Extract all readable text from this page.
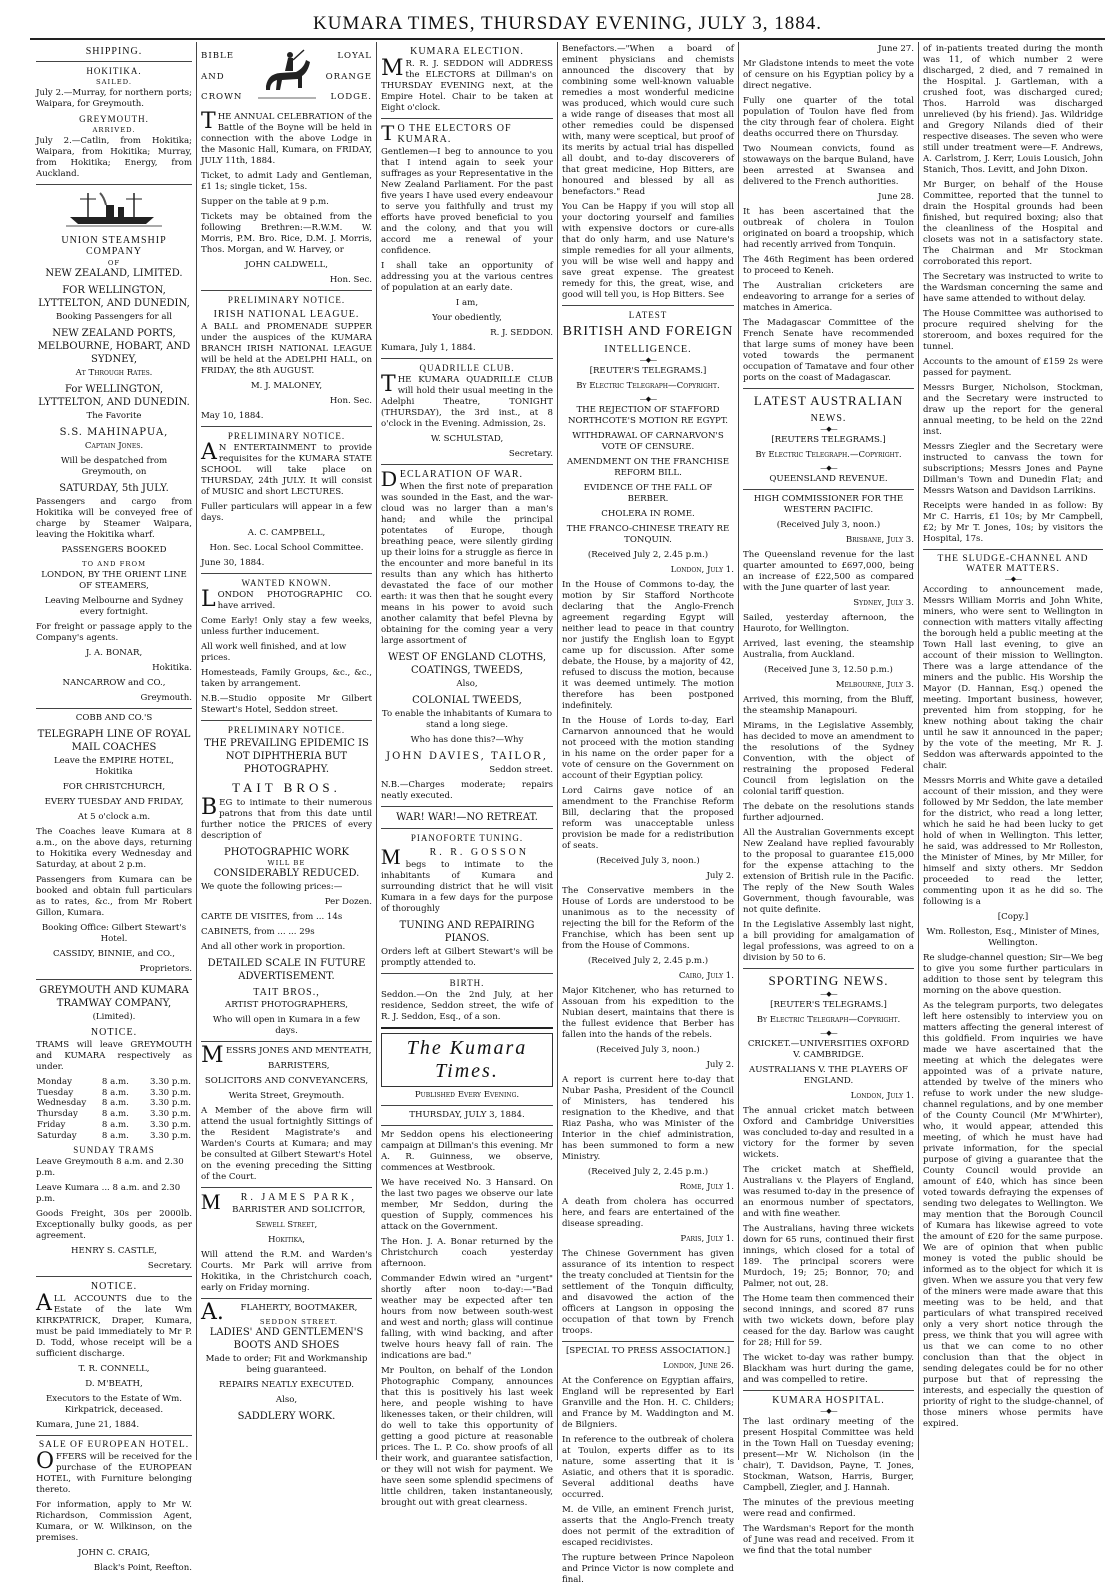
KUMARA TIMES, THURSDAY EVENING, JULY 3, 1884.
SHIPPING.
HOKITIKA.
SAILED.
July 2.—Murray, for northern ports; Waipara, for Greymouth.
GREYMOUTH.
ARRIVED.
July 2.—Catlin, from Hokitika; Waipara, from Hokitika; Murray, from Hokitika; Energy, from Auckland.
UNION STEAMSHIP COMPANY
OF
NEW ZEALAND, LIMITED.
FOR WELLINGTON, LYTTELTON, AND DUNEDIN,
Booking Passengers for all
NEW ZEALAND PORTS, MELBOURNE, HOBART, AND SYDNEY,
At Through Rates.
For WELLINGTON, LYTTELTON, AND DUNEDIN.
The Favorite
S.S. MAHINAPUA,
Captain Jones.
Will be despatched from Greymouth, on
SATURDAY, 5th JULY.
Passengers and cargo from Hokitika will be conveyed free of charge by Steamer Waipara, leaving the Hokitika wharf.
PASSENGERS BOOKED
TO AND FROM
LONDON, BY THE ORIENT LINE OF STEAMERS,
Leaving Melbourne and Sydney every fortnight.
For freight or passage apply to the Company's agents.
J. A. BONAR,
Hokitika.
NANCARROW and CO.,
Greymouth.
COBB AND CO.'S
TELEGRAPH LINE OF ROYAL MAIL COACHES
Leave the EMPIRE HOTEL, Hokitika
FOR CHRISTCHURCH,
EVERY TUESDAY AND FRIDAY,
At 5 o'clock a.m.
The Coaches leave Kumara at 8 a.m., on the above days, returning to Hokitika every Wednesday and Saturday, at about 2 p.m.
Passengers from Kumara can be booked and obtain full particulars as to rates, &c., from Mr Robert Gillon, Kumara.
Booking Office: Gilbert Stewart's Hotel.
CASSIDY, BINNIE, and CO.,
Proprietors.
GREYMOUTH AND KUMARA TRAMWAY COMPANY,
(Limited).
NOTICE.
TRAMS will leave GREYMOUTH and KUMARA respectively as under.
Monday	8 a.m.	3.30 p.m.
Tuesday	8 a.m.	3.30 p.m.
Wednesday	8 a.m.	3.30 p.m.
Thursday	8 a.m.	3.30 p.m.
Friday	8 a.m.	3.30 p.m.
Saturday	8 a.m.	3.30 p.m.
SUNDAY TRAMS
Leave Greymouth 8 a.m. and 2.30 p.m.
Leave Kumara ... 8 a.m. and 2.30 p.m.
Goods Freight, 30s per 2000lb. Exceptionally bulky goods, as per agreement.
HENRY S. CASTLE,
Secretary.
NOTICE.
ALL ACCOUNTS due to the Estate of the late Wm KIRKPATRICK, Draper, Kumara, must be paid immediately to Mr P. D. Todd, whose receipt will be a sufficient discharge.
T. R. CONNELL,
D. M'BEATH,
Executors to the Estate of Wm. Kirkpatrick, deceased.
Kumara, June 21, 1884.
SALE OF EUROPEAN HOTEL.
OFFERS will be received for the purchase of the EUROPEAN HOTEL, with Furniture belonging thereto.
For information, apply to Mr W. Richardson, Commission Agent, Kumara, or W. Wilkinson, on the premises.
JOHN C. CRAIG,
Black's Point, Reefton.
BIBLE
AND
CROWN
LOYAL
ORANGE
LODGE.
THE ANNUAL CELEBRATION of the Battle of the Boyne will be held in connection with the above Lodge in the Masonic Hall, Kumara, on FRIDAY, JULY 11th, 1884.
Ticket, to admit Lady and Gentleman, £1 1s; single ticket, 15s.
Supper on the table at 9 p.m.
Tickets may be obtained from the following Brethren:—R.W.M. W. Morris, P.M. Bro. Rice, D.M. J. Morris, Thos. Morgan, and W. Harvey, or
JOHN CALDWELL,
Hon. Sec.
PRELIMINARY NOTICE.
IRISH NATIONAL LEAGUE.
A BALL and PROMENADE SUPPER under the auspices of the KUMARA BRANCH IRISH NATIONAL LEAGUE will be held at the ADELPHI HALL, on FRIDAY, the 8th AUGUST.
M. J. MALONEY,
Hon. Sec.
May 10, 1884.
PRELIMINARY NOTICE.
AN ENTERTAINMENT to provide requisites for the KUMARA STATE SCHOOL will take place on THURSDAY, 24th JULY. It will consist of MUSIC and short LECTURES.
Fuller particulars will appear in a few days.
A. C. CAMPBELL,
Hon. Sec. Local School Committee.
June 30, 1884.
WANTED KNOWN.
LONDON PHOTOGRAPHIC CO. have arrived.
Come Early! Only stay a few weeks, unless further inducement.
All work well finished, and at low prices.
Homesteads, Family Groups, &c., &c., taken by arrangement.
N.B.—Studio opposite Mr Gilbert Stewart's Hotel, Seddon street.
PRELIMINARY NOTICE.
THE PREVAILING EPIDEMIC IS NOT DIPHTHERIA BUT PHOTOGRAPHY.
TAIT BROS.
BEG to intimate to their numerous patrons that from this date until further notice the PRICES of every description of
PHOTOGRAPHIC WORK
WILL BE
CONSIDERABLY REDUCED.
We quote the following prices:—
Per Dozen.
CARTE DE VISITES, from ... 14s
CABINETS, from ... ... 29s
And all other work in proportion.
DETAILED SCALE IN FUTURE ADVERTISEMENT.
TAIT BROS.,
ARTIST PHOTOGRAPHERS,
Who will open in Kumara in a few days.
MESSRS JONES AND MENTEATH,
BARRISTERS,
SOLICITORS AND CONVEYANCERS,
Werita Street, Greymouth.
A Member of the above firm will attend the usual fortnightly Sittings of the Resident Magistrate's and Warden's Courts at Kumara; and may be consulted at Gilbert Stewart's Hotel on the evening preceding the Sitting of the Court.
MR. JAMES PARK,
BARRISTER AND SOLICITOR,
Sewell Street,
Hokitika,
Will attend the R.M. and Warden's Courts. Mr Park will arrive from Hokitika, in the Christchurch coach, early on Friday morning.
A.FLAHERTY, BOOTMAKER,
SEDDON STREET.
LADIES' AND GENTLEMEN'S BOOTS AND SHOES
Made to order; Fit and Workmanship being guaranteed.
REPAIRS NEATLY EXECUTED.
Also,
SADDLERY WORK.
KUMARA ELECTION.
MR. R. J. SEDDON will ADDRESS the ELECTORS at Dillman's on THURSDAY EVENING next, at the Empire Hotel. Chair to be taken at Eight o'clock.
TO THE ELECTORS OF KUMARA.
Gentlemen—I beg to announce to you that I intend again to seek your suffrages as your Representative in the New Zealand Parliament. For the past five years I have used every endeavour to serve you faithfully and trust my efforts have proved beneficial to you and the colony, and that you will accord me a renewal of your confidence.
I shall take an opportunity of addressing you at the various centres of population at an early date.
I am,
Your obediently,
R. J. SEDDON.
Kumara, July 1, 1884.
QUADRILLE CLUB.
THE KUMARA QUADRILLE CLUB will hold their usual meeting in the Adelphi Theatre, TONIGHT (THURSDAY), the 3rd inst., at 8 o'clock in the Evening. Admission, 2s.
W. SCHULSTAD,
Secretary.
DECLARATION OF WAR.
When the first note of preparation was sounded in the East, and the war-cloud was no larger than a man's hand; and while the principal potentates of Europe, though breathing peace, were silently girding up their loins for a struggle as fierce in the encounter and more baneful in its results than any which has hitherto devastated the face of our mother earth: it was then that he sought every means in his power to avoid such another calamity that befel Plevna by obtaining for the coming year a very large assortment of
WEST OF ENGLAND CLOTHS, COATINGS, TWEEDS,
Also,
COLONIAL TWEEDS,
To enable the inhabitants of Kumara to stand a long siege.
Who has done this?—Why
JOHN DAVIES, TAILOR,
Seddon street.
N.B.—Charges moderate; repairs neatly executed.
WAR! WAR!—NO RETREAT.
PIANOFORTE TUNING.
MR. R. GOSSON
begs to intimate to the inhabitants of Kumara and surrounding district that he will visit Kumara in a few days for the purpose of thoroughly
TUNING AND REPAIRING PIANOS.
Orders left at Gilbert Stewart's will be promptly attended to.
BIRTH.
Seddon.—On the 2nd July, at her residence, Seddon street, the wife of R. J. Seddon, Esq., of a son.
The Kumara Times.
Published Every Evening.
THURSDAY, JULY 3, 1884.
Mr Seddon opens his electioneering campaign at Dillman's this evening. Mr A. R. Guinness, we observe, commences at Westbrook.
We have received No. 3 Hansard. On the last two pages we observe our late member, Mr Seddon, during the question of Supply, commences his attack on the Government.
The Hon. J. A. Bonar returned by the Christchurch coach yesterday afternoon.
Commander Edwin wired an "urgent" shortly after noon to-day:—"Bad weather may be expected after ten hours from now between south-west and west and north; glass will continue falling, with wind backing, and after twelve hours heavy fall of rain. The indications are bad."
Mr Poulton, on behalf of the London Photographic Company, announces that this is positively his last week here, and people wishing to have likenesses taken, or their children, will do well to take this opportunity of getting a good picture at reasonable prices. The L. P. Co. show proofs of all their work, and guarantee satisfaction, or they will not wish for payment. We have seen some splendid specimens of little children, taken instantaneously, brought out with great clearness.
Benefactors.—"When a board of eminent physicians and chemists announced the discovery that by combining some well-known valuable remedies a most wonderful medicine was produced, which would cure such a wide range of diseases that most all other remedies could be dispensed with, many were sceptical, but proof of its merits by actual trial has dispelled all doubt, and to-day discoverers of that great medicine, Hop Bitters, are honoured and blessed by all as benefactors." Read
You Can be Happy if you will stop all your doctoring yourself and families with expensive doctors or cure-alls that do only harm, and use Nature's simple remedies for all your ailments, you will be wise well and happy and save great expense. The greatest remedy for this, the great, wise, and good will tell you, is Hop Bitters. See
LATEST
BRITISH AND FOREIGN
INTELLIGENCE.
—◆—
[REUTER'S TELEGRAMS.]
By Electric Telegraph—Copyright.
—◆—
THE REJECTION OF STAFFORD NORTHCOTE'S MOTION RE EGYPT.
WITHDRAWAL OF CARNARVON'S VOTE OF CENSURE.
AMENDMENT ON THE FRANCHISE REFORM BILL.
EVIDENCE OF THE FALL OF BERBER.
CHOLERA IN ROME.
THE FRANCO-CHINESE TREATY RE TONQUIN.
(Received July 2, 2.45 p.m.)
London, July 1.
In the House of Commons to-day, the motion by Sir Stafford Northcote declaring that the Anglo-French agreement regarding Egypt will neither lead to peace in that country nor justify the English loan to Egypt came up for discussion. After some debate, the House, by a majority of 42, refused to discuss the motion, because it was deemed untimely. The motion therefore has been postponed indefinitely.
In the House of Lords to-day, Earl Carnarvon announced that he would not proceed with the motion standing in his name on the order paper for a vote of censure on the Government on account of their Egyptian policy.
Lord Cairns gave notice of an amendment to the Franchise Reform Bill, declaring that the proposed reform was unacceptable unless provision be made for a redistribution of seats.
(Received July 3, noon.)
July 2.
The Conservative members in the House of Lords are understood to be unanimous as to the necessity of rejecting the bill for the Reform of the Franchise, which has been sent up from the House of Commons.
(Received July 2, 2.45 p.m.)
Cairo, July 1.
Major Kitchener, who has returned to Assouan from his expedition to the Nubian desert, maintains that there is the fullest evidence that Berber has fallen into the hands of the rebels.
(Received July 3, noon.)
July 2.
A report is current here to-day that Nubar Pasha, President of the Council of Ministers, has tendered his resignation to the Khedive, and that Riaz Pasha, who was Minister of the Interior in the chief administration, has been summoned to form a new Ministry.
(Received July 2, 2.45 p.m.)
Rome, July 1.
A death from cholera has occurred here, and fears are entertained of the disease spreading.
Paris, July 1.
The Chinese Government has given assurance of its intention to respect the treaty concluded at Tientsin for the settlement of the Tonquin difficulty, and disavowed the action of the officers at Langson in opposing the occupation of that town by French troops.
[SPECIAL TO PRESS ASSOCIATION.]
London, June 26.
At the Conference on Egyptian affairs, England will be represented by Earl Granville and the Hon. H. C. Childers; and France by M. Waddington and M. de Bilgniers.
In reference to the outbreak of cholera at Toulon, experts differ as to its nature, some asserting that it is Asiatic, and others that it is sporadic. Several additional deaths have occurred.
M. de Ville, an eminent French jurist, asserts that the Anglo-French treaty does not permit of the extradition of escaped recidivistes.
The rupture between Prince Napoleon and Prince Victor is now complete and final.
June 27.
Mr Gladstone intends to meet the vote of censure on his Egyptian policy by a direct negative.
Fully one quarter of the total population of Toulon have fled from the city through fear of cholera. Eight deaths occurred there on Thursday.
Two Noumean convicts, found as stowaways on the barque Buland, have been arrested at Swansea and delivered to the French authorities.
June 28.
It has been ascertained that the outbreak of cholera in Toulon originated on board a troopship, which had recently arrived from Tonquin.
The 46th Regiment has been ordered to proceed to Keneh.
The Australian cricketers are endeavoring to arrange for a series of matches in America.
The Madagascar Committee of the French Senate have recommended that large sums of money have been voted towards the permanent occupation of Tamatave and four other ports on the coast of Madagascar.
LATEST AUSTRALIAN
NEWS.
—◆—
[REUTERS TELEGRAMS.]
By Electric Telegraph.—Copyright.
—◆—
QUEENSLAND REVENUE.
HIGH COMMISSIONER FOR THE WESTERN PACIFIC.
(Received July 3, noon.)
Brisbane, July 3.
The Queensland revenue for the last quarter amounted to £697,000, being an increase of £22,500 as compared with the June quarter of last year.
Sydney, July 3.
Sailed, yesterday afternoon, the Hauroto, for Wellington.
Arrived, last evening, the steamship Australia, from Auckland.
(Received June 3, 12.50 p.m.)
Melbourne, July 3.
Arrived, this morning, from the Bluff, the steamship Manapouri.
Mirams, in the Legislative Assembly, has decided to move an amendment to the resolutions of the Sydney Convention, with the object of restraining the proposed Federal Council from legislation on the colonial tariff question.
The debate on the resolutions stands further adjourned.
All the Australian Governments except New Zealand have replied favourably to the proposal to guarantee £15,000 for the expense attaching to the extension of British rule in the Pacific. The reply of the New South Wales Government, though favourable, was not quite definite.
In the Legislative Assembly last night, a bill providing for amalgamation of legal professions, was agreed to on a division by 50 to 6.
SPORTING NEWS.
—◆—
[REUTER'S TELEGRAMS.]
By Electric Telegraph—Copyright.
—◆—
CRICKET.—UNIVERSITIES OXFORD V. CAMBRIDGE.
AUSTRALIANS V. THE PLAYERS OF ENGLAND.
London, July 1.
The annual cricket match between Oxford and Cambridge Universities was concluded to-day and resulted in a victory for the former by seven wickets.
The cricket match at Sheffield, Australians v. the Players of England, was resumed to-day in the presence of an enormous number of spectators, and with fine weather.
The Australians, having three wickets down for 65 runs, continued their first innings, which closed for a total of 189. The principal scorers were Murdoch, 19; 25; Bonnor, 70; and Palmer, not out, 28.
The Home team then commenced their second innings, and scored 87 runs with two wickets down, before play ceased for the day. Barlow was caught for 28; Hill for 59.
The wicket to-day was rather bumpy. Blackham was hurt during the game, and was compelled to retire.
KUMARA HOSPITAL.
—◆—
The last ordinary meeting of the present Hospital Committee was held in the Town Hall on Tuesday evening; present—Mr W. Nicholson (in the chair), T. Davidson, Payne, T. Jones, Stockman, Watson, Harris, Burger, Campbell, Ziegler, and J. Hannah.
The minutes of the previous meeting were read and confirmed.
The Wardsman's Report for the month of June was read and received. From it we find that the total number
of in-patients treated during the month was 11, of which number 2 were discharged, 2 died, and 7 remained in the Hospital. J. Gartleman, with a crushed foot, was discharged cured; Thos. Harrold was discharged unrelieved (by his friend). Jas. Wildridge and Gregory Nilands died of their respective diseases. The seven who were still under treatment were—F. Andrews, A. Carlstrom, J. Kerr, Louis Lousich, John Stanich, Thos. Levitt, and John Dixon.
Mr Burger, on behalf of the House Committee, reported that the tunnel to drain the Hospital grounds had been finished, but required boxing; also that the cleanliness of the Hospital and closets was not in a satisfactory state. The Chairman and Mr Stockman corroborated this report.
The Secretary was instructed to write to the Wardsman concerning the same and have same attended to without delay.
The House Committee was authorised to procure required shelving for the storeroom, and boxes required for the tunnel.
Accounts to the amount of £159 2s were passed for payment.
Messrs Burger, Nicholson, Stockman, and the Secretary were instructed to draw up the report for the general annual meeting, to be held on the 22nd inst.
Messrs Ziegler and the Secretary were instructed to canvass the town for subscriptions; Messrs Jones and Payne Dillman's Town and Dunedin Flat; and Messrs Watson and Davidson Larrikins.
Receipts were handed in as follow: By Mr C. Harris, £1 10s; by Mr Campbell, £2; by Mr T. Jones, 10s; by visitors the Hospital, 17s.
THE SLUDGE-CHANNEL AND WATER MATTERS.
—◆—
According to announcement made, Messrs William Morris and John White, miners, who were sent to Wellington in connection with matters vitally affecting the borough held a public meeting at the Town Hall last evening, to give an account of their mission to Wellington. There was a large attendance of the miners and the public. His Worship the Mayor (D. Hannan, Esq.) opened the meeting. Important business, however, prevented him from stopping, for he knew nothing about taking the chair until he saw it announced in the paper; by the vote of the meeting, Mr R. J. Seddon was afterwards appointed to the chair.
Messrs Morris and White gave a detailed account of their mission, and they were followed by Mr Seddon, the late member for the district, who read a long letter, which he said he had been lucky to get hold of when in Wellington. This letter, he said, was addressed to Mr Rolleston, the Minister of Mines, by Mr Miller, for himself and sixty others. Mr Seddon proceeded to read the letter, commenting upon it as he did so. The following is a
[Copy.]
Wm. Rolleston, Esq., Minister of Mines, Wellington.
Re sludge-channel question; Sir—We beg to give you some further particulars in addition to those sent by telegram this morning on the above question.
As the telegram purports, two delegates left here ostensibly to interview you on matters affecting the general interest of this goldfield. From inquiries we have made we have ascertained that the meeting at which the delegates were appointed was of a private nature, attended by twelve of the miners who refuse to work under the new sludge-channel regulations, and by one member of the County Council (Mr M'Whirter), who, it would appear, attended this meeting, of which he must have had private information, for the special purpose of giving a guarantee that the County Council would provide an amount of £40, which has since been voted towards defraying the expenses of sending two delegates to Wellington. We may mention that the Borough Council of Kumara has likewise agreed to vote the amount of £20 for the same purpose. We are of opinion that when public money is voted the public should be informed as to the object for which it is given. When we assure you that very few of the miners were made aware that this meeting was to be held, and that particulars of what transpired received only a very short notice through the press, we think that you will agree with us that we can come to no other conclusion than that the object in sending delegates could be for no other purpose but that of repressing the interests, and especially the question of priority of right to the sludge-channel, of those miners whose permits have expired.
